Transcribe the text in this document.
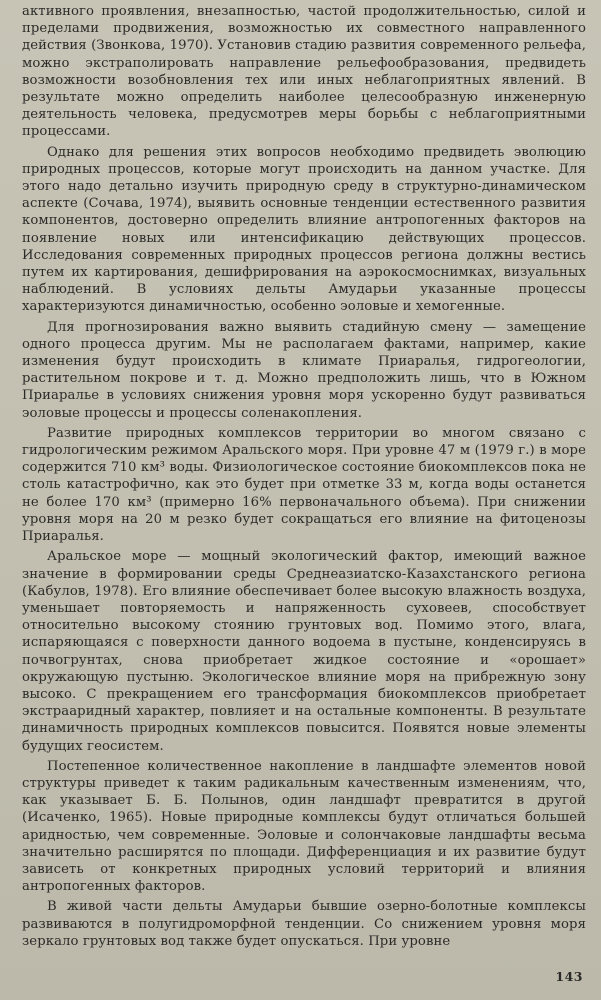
активного проявления, внезапностью, частой продолжительностью, силой и пределами продвижения, возможностью их совместного направленного действия (Звонкова, 1970). Установив стадию развития современного рельефа, можно экстраполировать направление рельефообразования, предвидеть возможности возобновления тех или иных неблагоприятных явлений. В результате можно определить наиболее целесообразную инженерную деятельность человека, предусмотрев меры борьбы с неблагоприятными процессами.

Однако для решения этих вопросов необходимо предвидеть эволюцию природных процессов, которые могут происходить на данном участке. Для этого надо детально изучить природную среду в структурно-динамическом аспекте (Сочава, 1974), выявить основные тенденции естественного развития компонентов, достоверно определить влияние антропогенных факторов на появление новых или интенсификацию действующих процессов. Исследования современных природных процессов региона должны вестись путем их картирования, дешифрирования на аэрокосмоснимках, визуальных наблюдений. В условиях дельты Амударьи указанные процессы характеризуются динамичностью, особенно эоловые и хемогенные.

Для прогнозирования важно выявить стадийную смену — замещение одного процесса другим. Мы не располагаем фактами, например, какие изменения будут происходить в климате Приаралья, гидрогеологии, растительном покрове и т. д. Можно предположить лишь, что в Южном Приаралье в условиях снижения уровня моря ускоренно будут развиваться эоловые процессы и процессы соленакопления.

Развитие природных комплексов территории во многом связано с гидрологическим режимом Аральского моря. При уровне 47 м (1979 г.) в море содержится 710 км³ воды. Физиологическое состояние биокомплексов пока не столь катастрофично, как это будет при отметке 33 м, когда воды останется не более 170 км³ (примерно 16% первоначального объема). При снижении уровня моря на 20 м резко будет сокращаться его влияние на фитоценозы Приаралья.

Аральское море — мощный экологический фактор, имеющий важное значение в формировании среды Среднеазиатско-Казахстанского региона (Кабулов, 1978). Его влияние обеспечивает более высокую влажность воздуха, уменьшает повторяемость и напряженность суховеев, способствует относительно высокому стоянию грунтовых вод. Помимо этого, влага, испаряющаяся с поверхности данного водоема в пустыне, конденсируясь в почвогрунтах, снова приобретает жидкое состояние и «орошает» окружающую пустыню. Экологическое влияние моря на прибрежную зону высоко. С прекращением его трансформация биокомплексов приобретает экстрааридный характер, повлияет и на остальные компоненты. В результате динамичность природных комплексов повысится. Появятся новые элементы будущих геосистем.

Постепенное количественное накопление в ландшафте элементов новой структуры приведет к таким радикальным качественным изменениям, что, как указывает Б. Б. Полынов, один ландшафт превратится в другой (Исаченко, 1965). Новые природные комплексы будут отличаться большей аридностью, чем современные. Эоловые и солончаковые ландшафты весьма значительно расширятся по площади. Дифференциация и их развитие будут зависеть от конкретных природных условий территорий и влияния антропогенных факторов.

В живой части дельты Амударьи бывшие озерно-болотные комплексы развиваются в полугидроморфной тенденции. Со снижением уровня моря зеркало грунтовых вод также будет опускаться. При уровне

143
